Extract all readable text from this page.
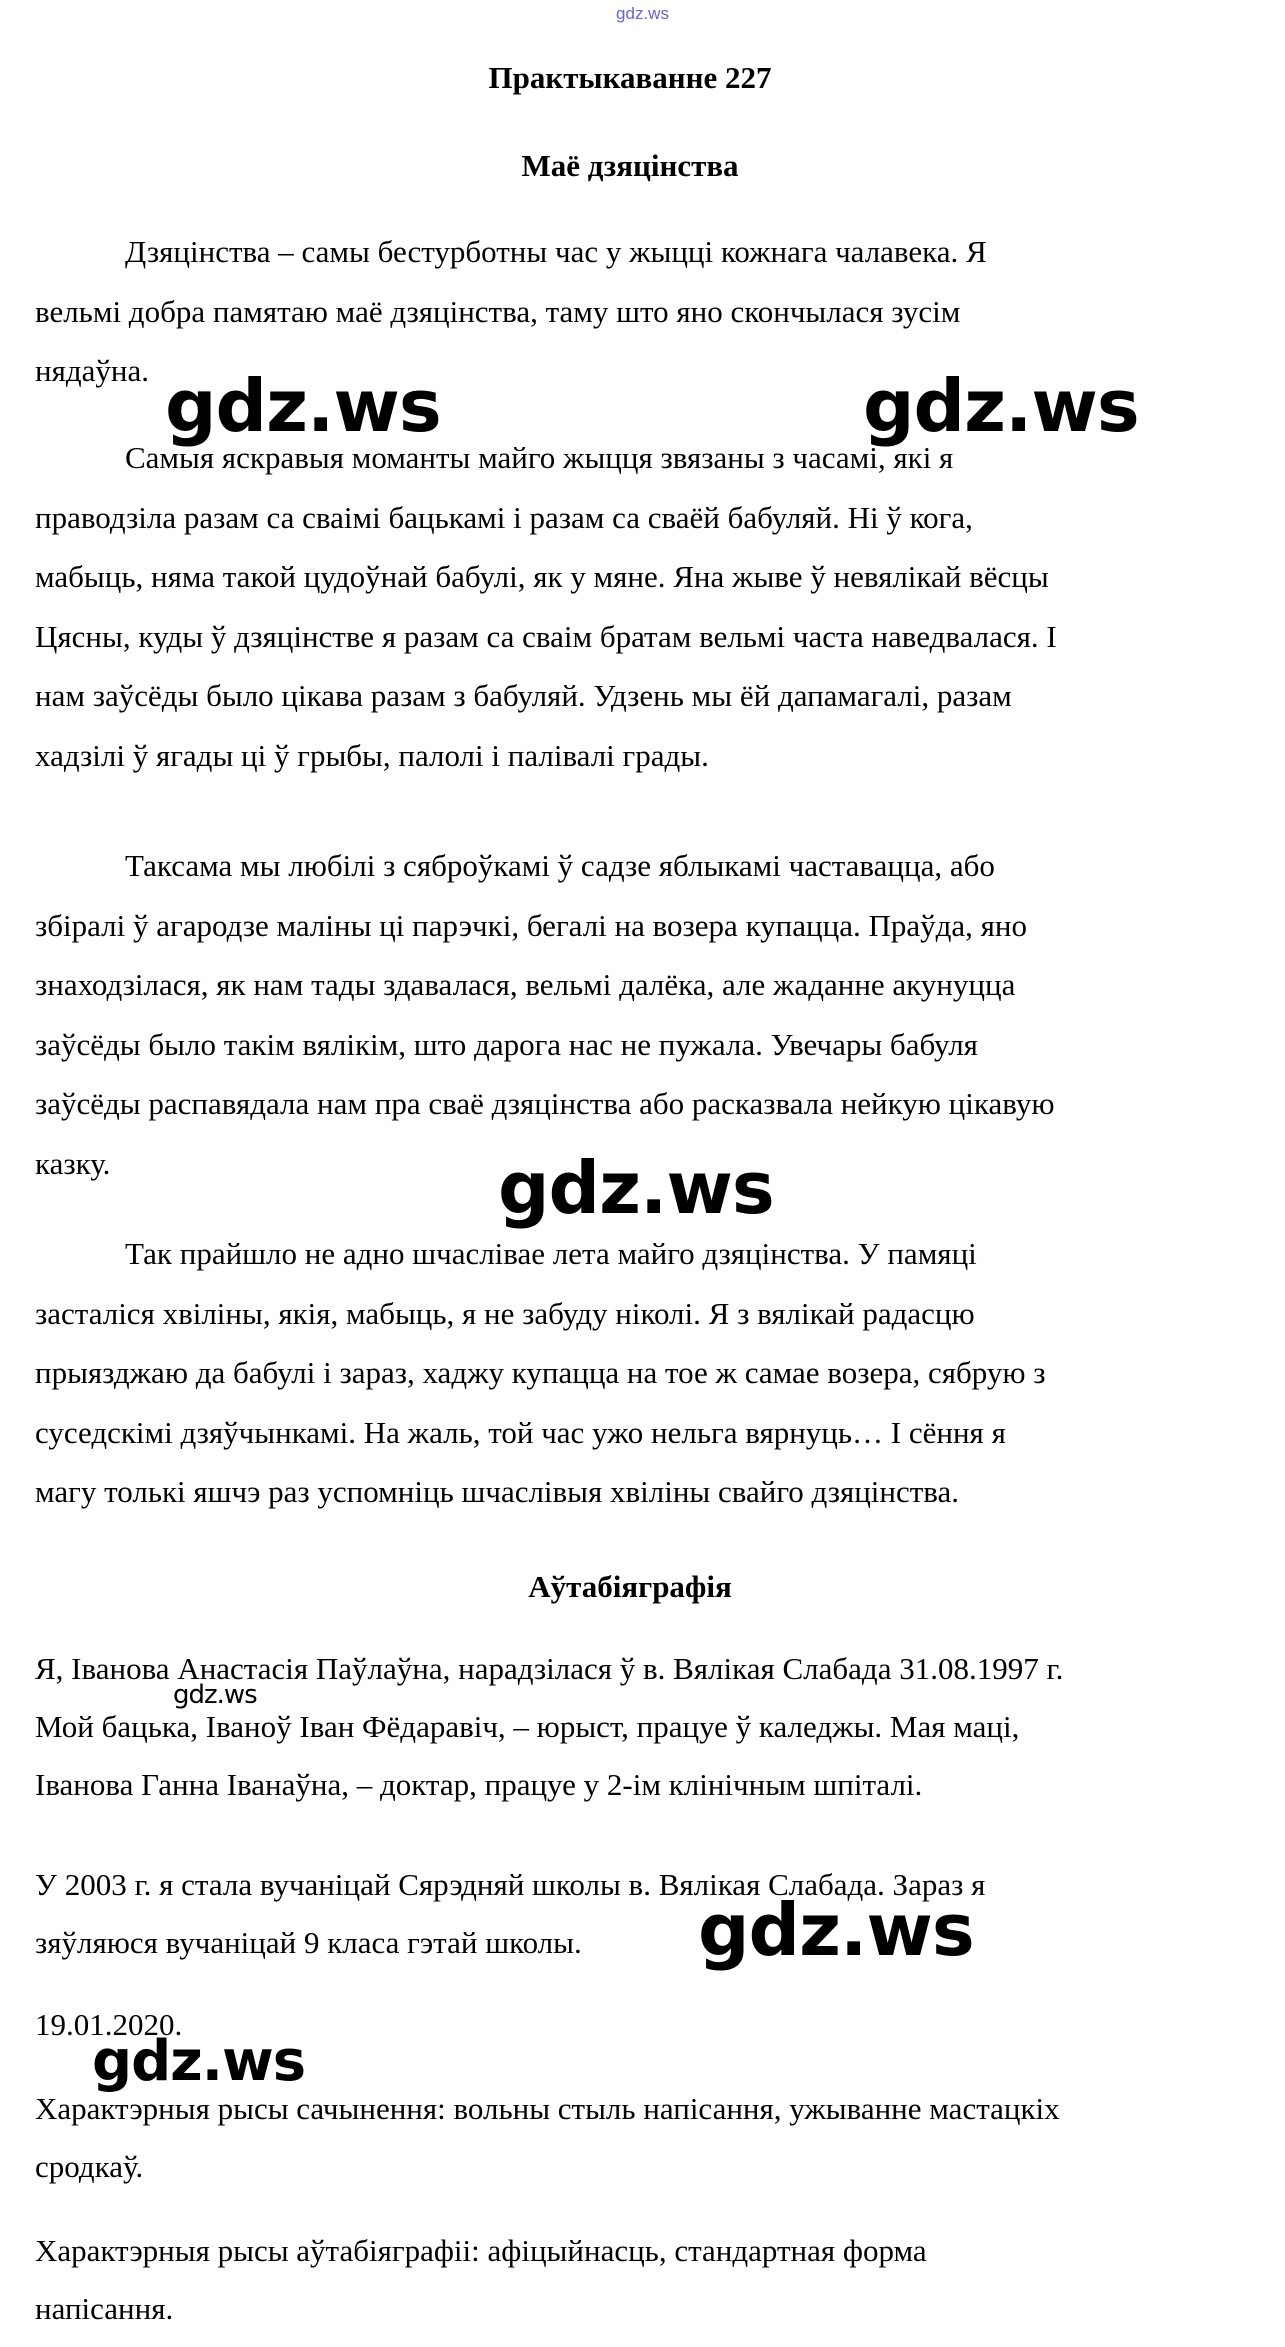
gdz.ws
Практыкаванне 227
Маё дзяцінства

Дзяцінства – самы бестурботны час у жыцці кожнага чалавека. Я
вельмі добра памятаю маё дзяцінства, таму што яно скончылася зусім
нядаўна.

Самыя яскравыя моманты майго жыцця звязаны з часамі, які я
праводзіла разам са сваімі бацькамі і разам са сваёй бабуляй. Ні ў кога,
мабыць, няма такой цудоўнай бабулі, як у мяне. Яна жыве ў невялікай вёсцы
Цясны, куды ў дзяцінстве я разам са сваім братам вельмі часта наведвалася. І
нам заўсёды было цікава разам з бабуляй. Удзень мы ёй дапамагалі, разам
хадзілі ў ягады ці ў грыбы, палолі і палівалі грады.

Таксама мы любілі з сяброўкамі ў садзе яблыкамі частавацца, або
збіралі ў агародзе маліны ці парэчкі, бегалі на возера купацца. Праўда, яно
знаходзілася, як нам тады здавалася, вельмі далёка, але жаданне акунуцца
заўсёды было такім вялікім, што дарога нас не пужала. Увечары бабуля
заўсёды распавядала нам пра сваё дзяцінства або расказвала нейкую цікавую
казку.

Так прайшло не адно шчаслівае лета майго дзяцінства. У памяці
засталіся хвіліны, якія, мабыць, я не забуду ніколі. Я з вялікай радасцю
прыязджаю да бабулі і зараз, хаджу купацца на тое ж самае возера, сябрую з
суседскімі дзяўчынкамі. На жаль, той час ужо нельга вярнуць… І сёння я
магу толькі яшчэ раз успомніць шчаслівыя хвіліны свайго дзяцінства.

Аўтабіяграфія

Я, Іванова Анастасія Паўлаўна, нарадзілася ў в. Вялікая Слабада 31.08.1997 г.
Мой бацька, Іваноў Іван Фёдаравіч, – юрыст, працуе ў каледжы. Мая маці,
Іванова Ганна Іванаўна, – доктар, працуе у 2-ім клінічным шпіталі.

У 2003 г. я стала вучаніцай Сярэдняй школы в. Вялікая Слабада. Зараз я
зяўляюся вучаніцай 9 класа гэтай школы.

19.01.2020.

Характэрныя рысы сачынення: вольны стыль напісання, ужыванне мастацкіх
сродкаў.

Характэрныя рысы аўтабіяграфіі: афіцыйнасць, стандартная форма
напісання.

gdz.ws	gdz.ws
gdz.ws
gdz.ws
gdz.ws
gdz.ws
